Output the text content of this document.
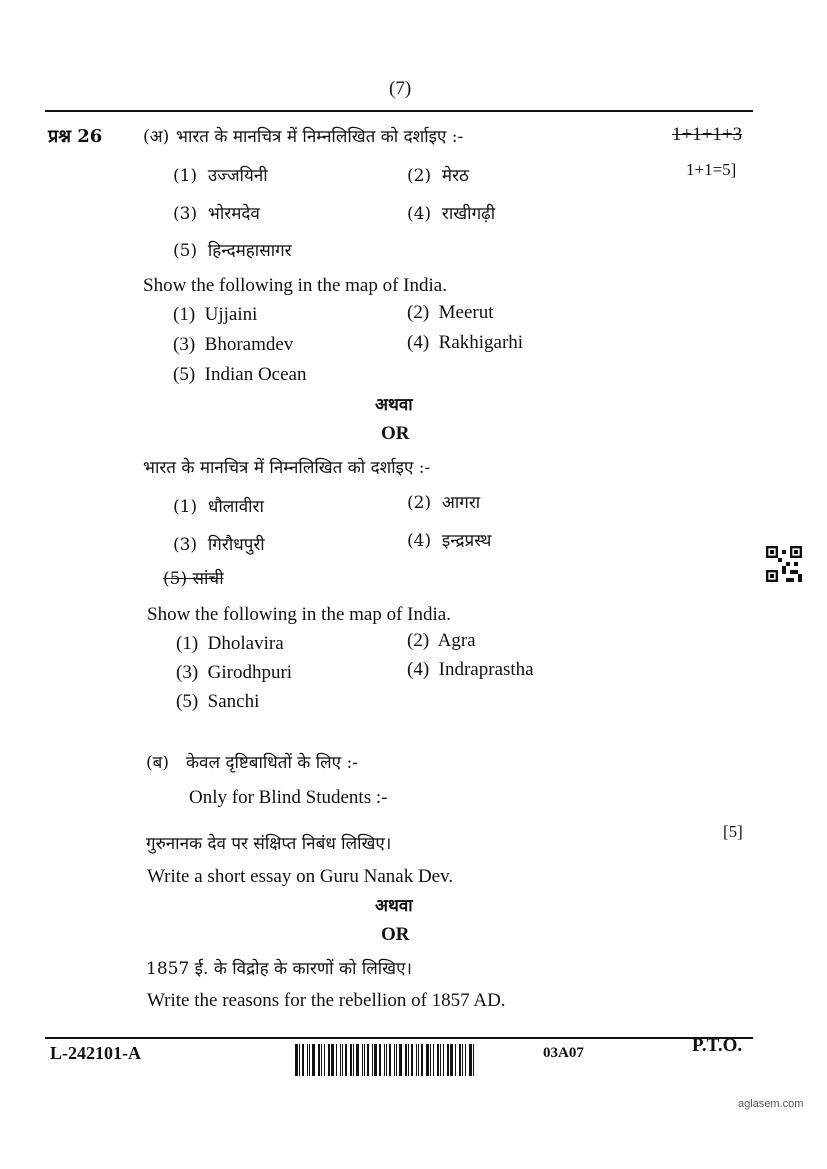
(7)
प्रश्न 26 (अ) भारत के मानचित्र में निम्नलिखित को दर्शाइए :-	1+1+1+3
1+1=5]
(1) उज्जयिनी	(2) मेरठ
(3) भोरमदेव	(4) राखीगढ़ी
(5) हिन्दमहासागर
Show the following in the map of India.
(1) Ujjaini	(2) Meerut
(3) Bhoramdev	(4) Rakhigarhi
(5) Indian Ocean
अथवा
OR
भारत के मानचित्र में निम्नलिखित को दर्शाइए :-
(1) धौलावीरा	(2) आगरा
(3) गिरौधपुरी	(4) इन्द्रप्रस्थ
(5) सांची
Show the following in the map of India.
(1) Dholavira	(2) Agra
(3) Girodhpuri	(4) Indraprastha
(5) Sanchi
(ब) केवल दृष्टिबाधितों के लिए :-
Only for Blind Students :-
गुरुनानक देव पर संक्षिप्त निबंध लिखिए।
[5]
Write a short essay on Guru Nanak Dev.
अथवा
OR
1857 ई. के विद्रोह के कारणों को लिखिए।
Write the reasons for the rebellion of 1857 AD.
L-242101-A	03A07	P.T.O.
aglasem.com
